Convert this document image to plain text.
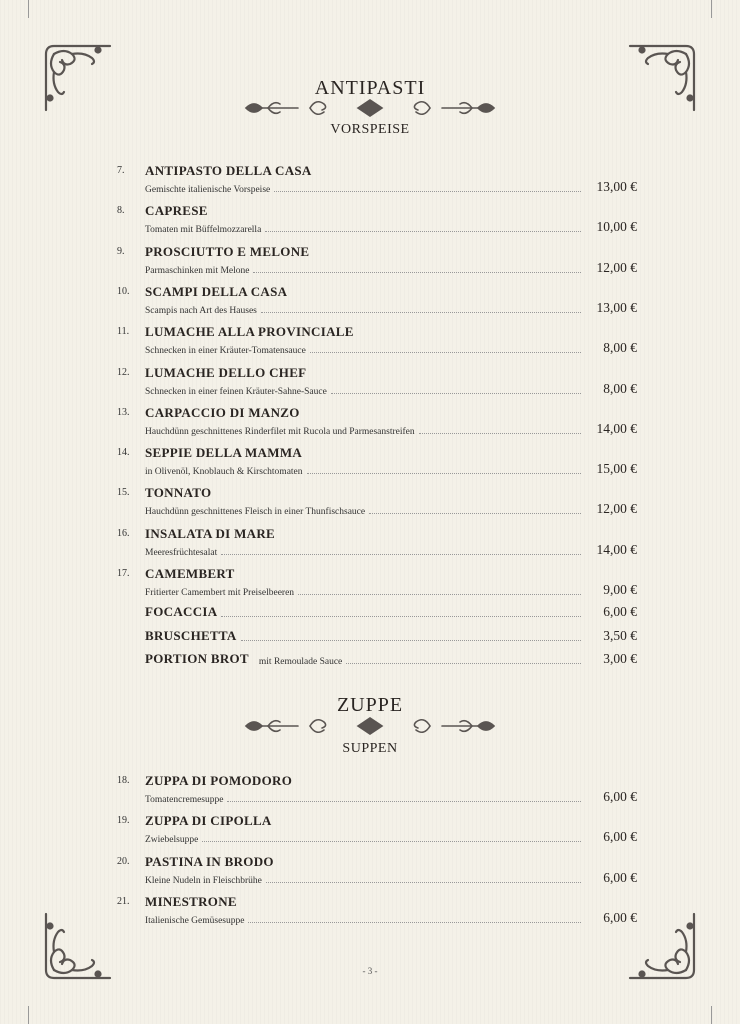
ANTIPASTI
VORSPEISE
7. ANTIPASTO DELLA CASA
Gemischte italienische Vorspeise	13,00 €
8. CAPRESE
Tomaten mit Büffelmozzarella	10,00 €
9. PROSCIUTTO E MELONE
Parmaschinken mit Melone	12,00 €
10. SCAMPI DELLA CASA
Scampis nach Art des Hauses	13,00 €
11. LUMACHE ALLA PROVINCIALE
Schnecken in einer Kräuter-Tomatensauce	8,00 €
12. LUMACHE DELLO CHEF
Schnecken in einer feinen Kräuter-Sahne-Sauce	8,00 €
13. CARPACCIO DI MANZO
Hauchdünn geschnittenes Rinderfilet mit Rucola und Parmesanstreifen	14,00 €
14. SEPPIE DELLA MAMMA
in Olivenöl, Knoblauch & Kirschtomaten	15,00 €
15. TONNATO
Hauchdünn geschnittenes Fleisch in einer Thunfischsauce	12,00 €
16. INSALATA DI MARE
Meeresfrüchtesalat	14,00 €
17. CAMEMBERT
Fritierter Camembert mit Preiselbeeren	9,00 €
FOCACCIA	6,00 €
BRUSCHETTA	3,50 €
PORTION BROT mit Remoulade Sauce	3,00 €
ZUPPE
SUPPEN
18. ZUPPA DI POMODORO
Tomatencremesuppe	6,00 €
19. ZUPPA DI CIPOLLA
Zwiebelsuppe	6,00 €
20. PASTINA IN BRODO
Kleine Nudeln in Fleischbrühe	6,00 €
21. MINESTRONE
Italienische Gemüsesuppe	6,00 €
- 3 -
